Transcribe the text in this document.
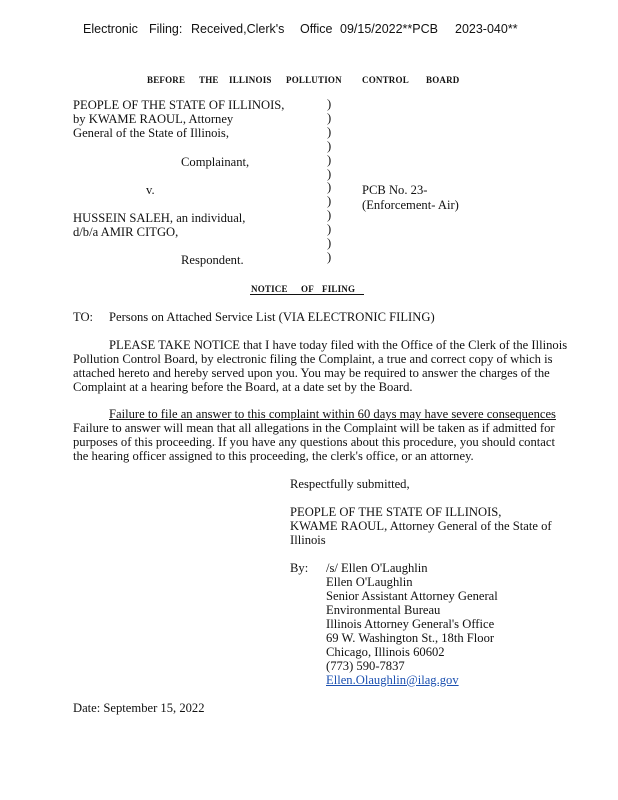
Electronic Filing: Received,Clerk's Office 09/15/2022**PCB 2023-040**
BEFORE THE ILLINOIS POLLUTION CONTROL BOARD
PEOPLE OF THE STATE OF ILLINOIS,
by KWAME RAOUL, Attorney
General of the State of Illinois,
Complainant,
v.
HUSSEIN SALEH, an individual,
d/b/a AMIR CITGO,
Respondent.
)
)
)
)
)
)
)
)
)
)
)
)
PCB No. 23-
(Enforcement- Air)
NOTICE OF FILING
TO: Persons on Attached Service List (VIA ELECTRONIC FILING)
PLEASE TAKE NOTICE that I have today filed with the Office of the Clerk of the Illinois
Pollution Control Board, by electronic filing the Complaint, a true and correct copy of which is
attached hereto and hereby served upon you. You may be required to answer the charges of the
Complaint at a hearing before the Board, at a date set by the Board.
Failure to file an answer to this complaint within 60 days may have severe consequences
Failure to answer will mean that all allegations in the Complaint will be taken as if admitted for
purposes of this proceeding. If you have any questions about this procedure, you should contact
the hearing officer assigned to this proceeding, the clerk's office, or an attorney.
Respectfully submitted,
PEOPLE OF THE STATE OF ILLINOIS,
KWAME RAOUL, Attorney General of the State of
Illinois
By: /s/ Ellen O'Laughlin
Ellen O'Laughlin
Senior Assistant Attorney General
Environmental Bureau
Illinois Attorney General's Office
69 W. Washington St., 18th Floor
Chicago, Illinois 60602
(773) 590-7837
Ellen.Olaughlin@ilag.gov
Date: September 15, 2022
